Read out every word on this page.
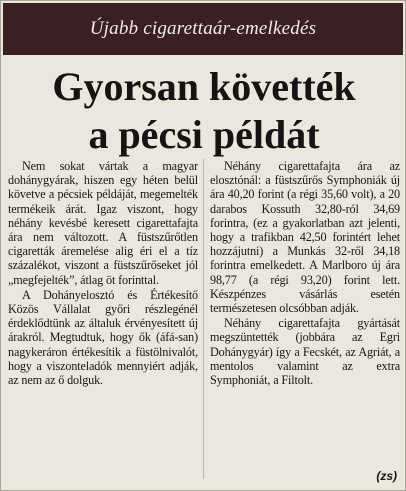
Újabb cigarettaár-emelkedés
Gyorsan követték
a pécsi példát

Nem sokat vártak a magyar dohánygyárak, hiszen egy héten belül követve a pécsiek példáját, megemelték termékeik árát. Igaz viszont, hogy néhány kevésbé keresett cigarettafajta ára nem változott. A füstszűrőtlen cigaretták áremelése alig éri el a tíz százalékot, viszont a füstszűrőseket jól „megfejelték”, átlag öt forinttal.

A Dohányelosztó és Értékesítő Közös Vállalat győri részlegénél érdeklődtünk az általuk érvényesített új árakról. Megtudtuk, hogy ők (áfá-san) nagykeráron értékesítik a füstölnivalót, hogy a viszonteladók mennyiért adják, az nem az ő dolguk.

Néhány cigarettafajta ára az elosztónál: a füstszűrős Symphoniák új ára 40,20 forint (a régi 35,60 volt), a 20 darabos Kossuth 32,80-ról 34,69 forintra, (ez a gyakorlatban azt jelenti, hogy a trafikban 42,50 forintért lehet hozzájutni) a Munkás 32-ről 34,18 forintra emelkedett. A Marlboro új ára 98,77 (a régi 93,20) forint lett. Készpénzes vásárlás esetén természetesen olcsóbban adják.

Néhány cigarettafajta gyártását megszüntették (jobbára az Egri Dohánygyár) így a Fecskét, az Agriát, a mentolos valamint az extra Symphoniát, a Filtolt.

(zs)
